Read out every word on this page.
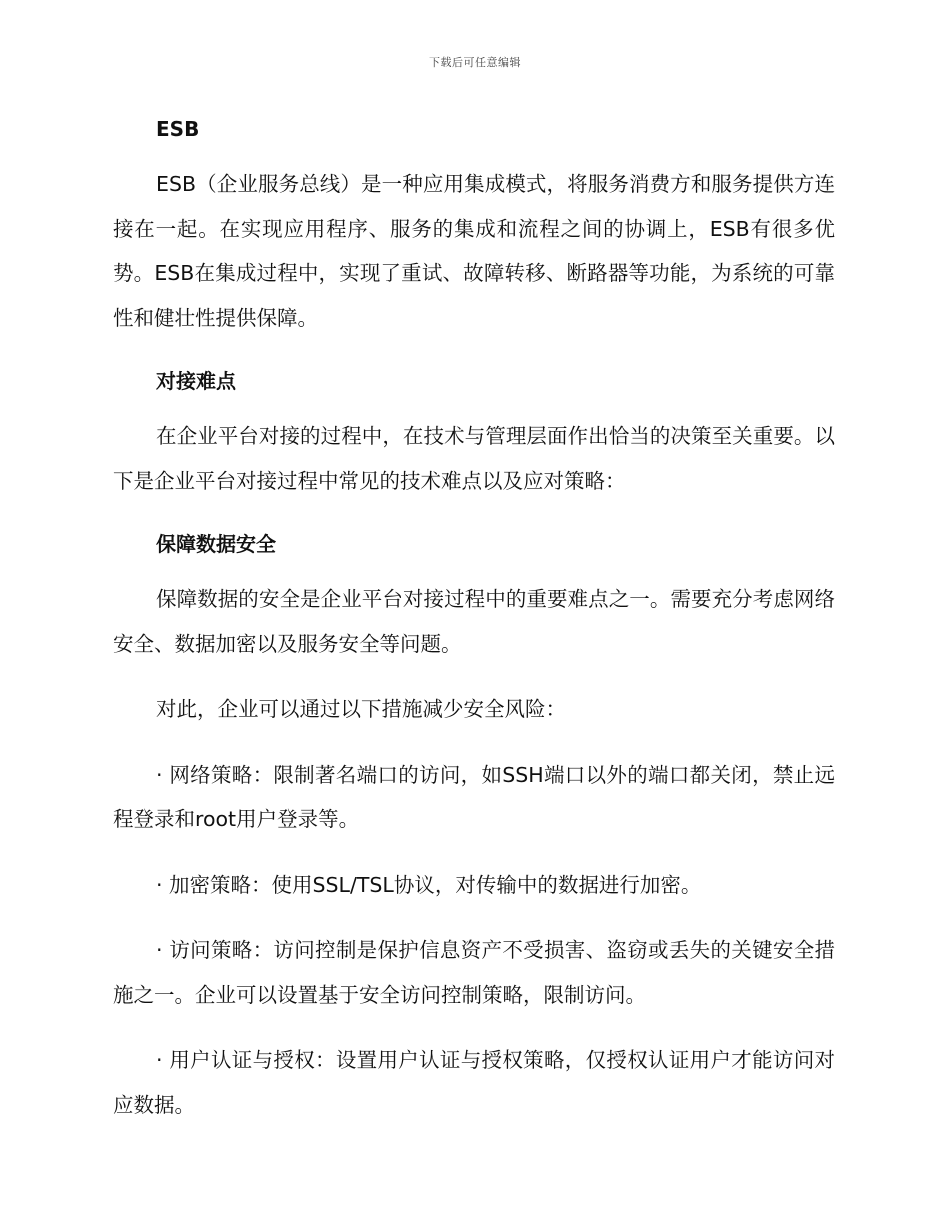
下载后可任意编辑
ESB

ESB（企业服务总线）是一种应用集成模式，将服务消费方和服务提供方连接在一起。在实现应用程序、服务的集成和流程之间的协调上，ESB有很多优势。ESB在集成过程中，实现了重试、故障转移、断路器等功能，为系统的可靠性和健壮性提供保障。

对接难点

在企业平台对接的过程中，在技术与管理层面作出恰当的决策至关重要。以下是企业平台对接过程中常见的技术难点以及应对策略：

保障数据安全

保障数据的安全是企业平台对接过程中的重要难点之一。需要充分考虑网络安全、数据加密以及服务安全等问题。

对此，企业可以通过以下措施减少安全风险：

· 网络策略：限制著名端口的访问，如SSH端口以外的端口都关闭，禁止远程登录和root用户登录等。

· 加密策略：使用SSL/TSL协议，对传输中的数据进行加密。

· 访问策略：访问控制是保护信息资产不受损害、盗窃或丢失的关键安全措施之一。企业可以设置基于安全访问控制策略，限制访问。

· 用户认证与授权：设置用户认证与授权策略，仅授权认证用户才能访问对应数据。
